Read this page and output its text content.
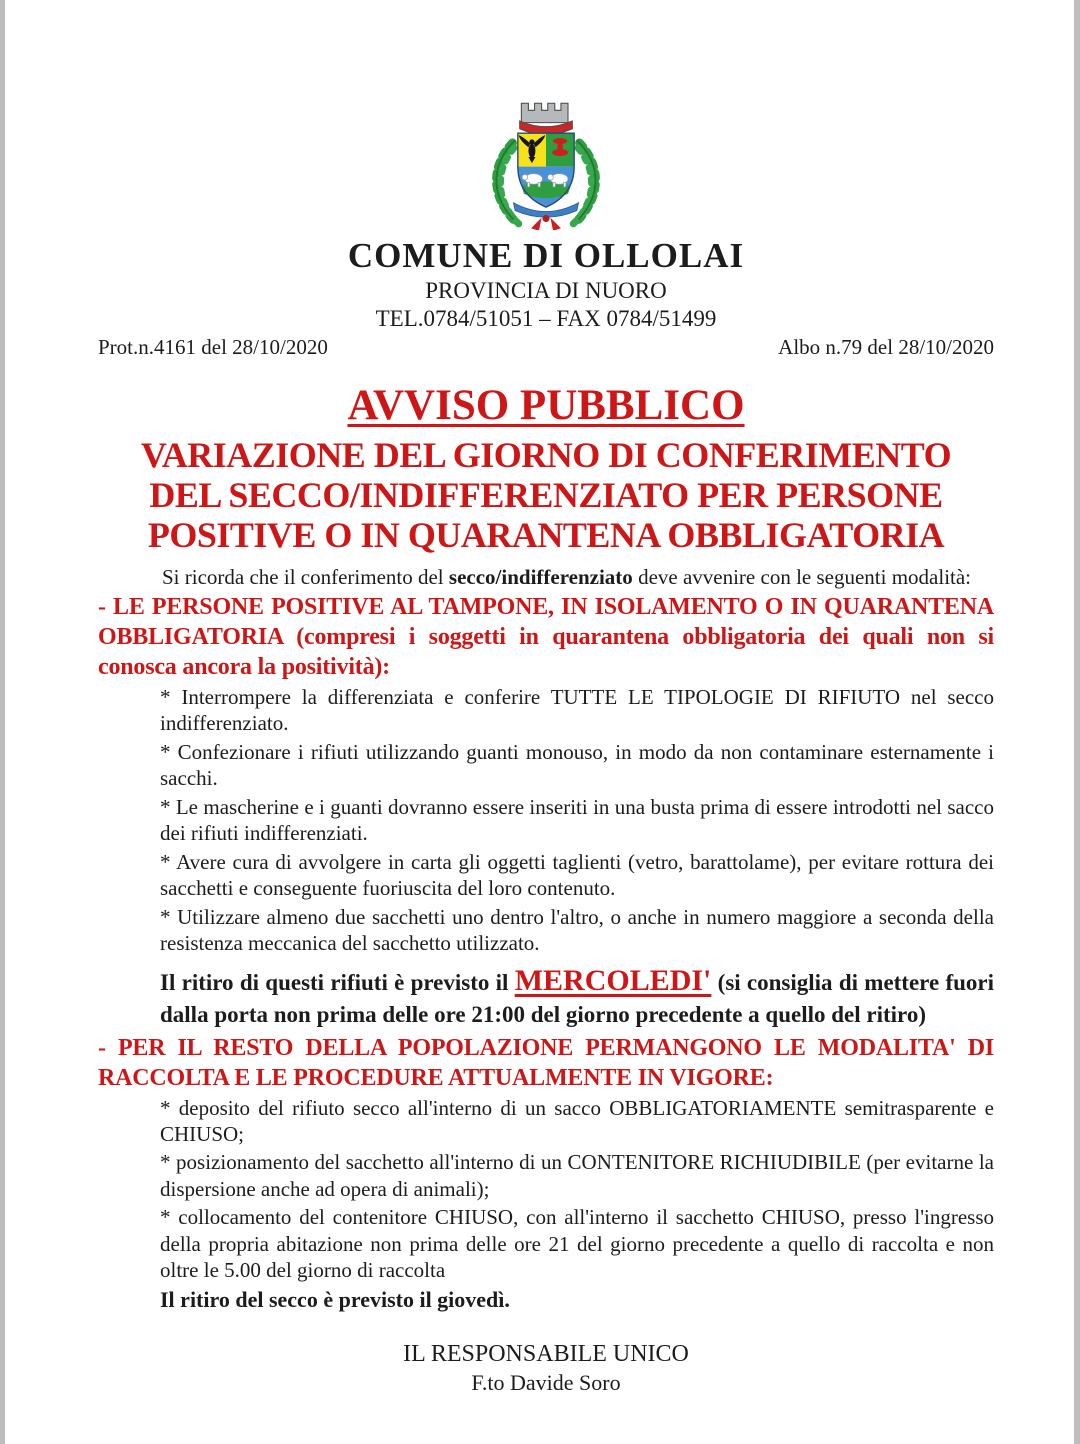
COMUNE DI OLLOLAI
PROVINCIA DI NUORO
TEL.0784/51051 – FAX 0784/51499
Prot.n.4161 del 28/10/2020	Albo n.79 del 28/10/2020
AVVISO PUBBLICO
VARIAZIONE DEL GIORNO DI CONFERIMENTO
DEL SECCO/INDIFFERENZIATO PER PERSONE
POSITIVE O IN QUARANTENA OBBLIGATORIA

Si ricorda che il conferimento del secco/indifferenziato deve avvenire con le seguenti modalità:

- LE PERSONE POSITIVE AL TAMPONE, IN ISOLAMENTO O IN QUARANTENA OBBLIGATORIA (compresi i soggetti in quarantena obbligatoria dei quali non si conosca ancora la positività):

* Interrompere la differenziata e conferire TUTTE LE TIPOLOGIE DI RIFIUTO nel secco indifferenziato.

* Confezionare i rifiuti utilizzando guanti monouso, in modo da non contaminare esternamente i sacchi.

* Le mascherine e i guanti dovranno essere inseriti in una busta prima di essere introdotti nel sacco dei rifiuti indifferenziati.

* Avere cura di avvolgere in carta gli oggetti taglienti (vetro, barattolame), per evitare rottura dei sacchetti e conseguente fuoriuscita del loro contenuto.

* Utilizzare almeno due sacchetti uno dentro l'altro, o anche in numero maggiore a seconda della resistenza meccanica del sacchetto utilizzato.

Il ritiro di questi rifiuti è previsto il MERCOLEDI' (si consiglia di mettere fuori dalla porta non prima delle ore 21:00 del giorno precedente a quello del ritiro)

- PER IL RESTO DELLA POPOLAZIONE PERMANGONO LE MODALITA' DI RACCOLTA E LE PROCEDURE ATTUALMENTE IN VIGORE:

* deposito del rifiuto secco all'interno di un sacco OBBLIGATORIAMENTE semitrasparente e CHIUSO;

* posizionamento del sacchetto all'interno di un CONTENITORE RICHIUDIBILE (per evitarne la dispersione anche ad opera di animali);

* collocamento del contenitore CHIUSO, con all'interno il sacchetto CHIUSO, presso l'ingresso della propria abitazione non prima delle ore 21 del giorno precedente a quello di raccolta e non oltre le 5.00 del giorno di raccolta

Il ritiro del secco è previsto il giovedì.

IL RESPONSABILE UNICO
F.to Davide Soro
